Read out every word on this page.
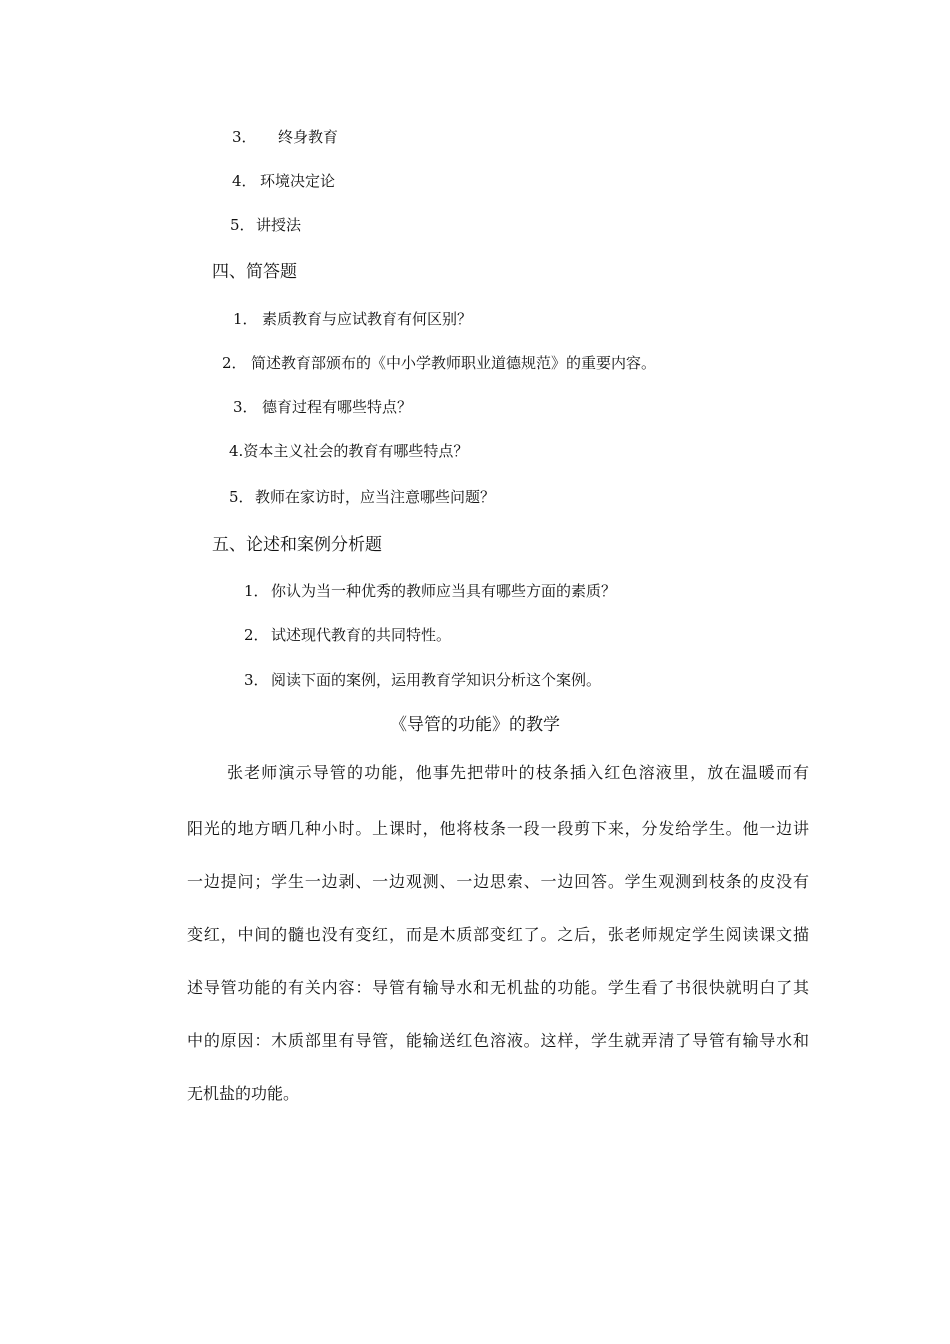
3． 终身教育
4． 环境决定论
5．讲授法
四、简答题
1． 素质教育与应试教育有何区别？
2． 简述教育部颁布的《中小学教师职业道德规范》的重要内容。
3． 德育过程有哪些特点？
4.资本主义社会的教育有哪些特点？
5．教师在家访时，应当注意哪些问题？
五、论述和案例分析题
1． 你认为当一种优秀的教师应当具有哪些方面的素质？
2． 试述现代教育的共同特性。
3． 阅读下面的案例，运用教育学知识分析这个案例。
《导管的功能》的教学
张老师演示导管的功能，他事先把带叶的枝条插入红色溶液里，放在温暖而有
阳光的地方晒几种小时。上课时，他将枝条一段一段剪下来，分发给学生。他一边讲
一边提问；学生一边剥、一边观测、一边思索、一边回答。学生观测到枝条的皮没有
变红，中间的髓也没有变红，而是木质部变红了。之后，张老师规定学生阅读课文描
述导管功能的有关内容：导管有输导水和无机盐的功能。学生看了书很快就明白了其
中的原因：木质部里有导管，能输送红色溶液。这样，学生就弄清了导管有输导水和
无机盐的功能。
